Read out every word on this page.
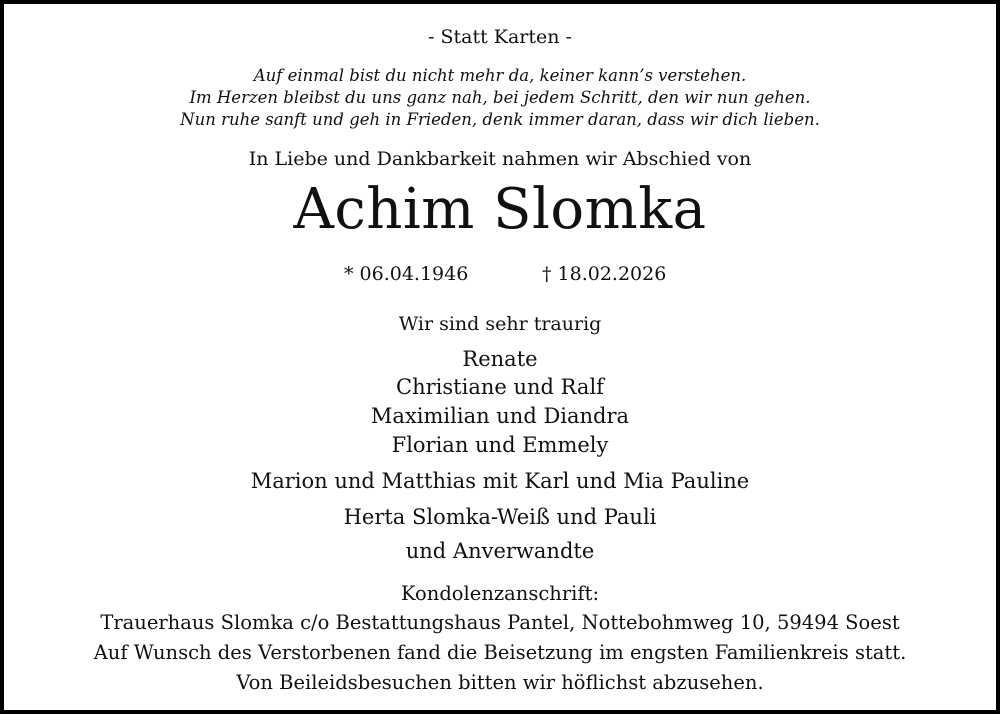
- Statt Karten -
Auf einmal bist du nicht mehr da, keiner kann’s verstehen.
Im Herzen bleibst du uns ganz nah, bei jedem Schritt, den wir nun gehen.
Nun ruhe sanft und geh in Frieden, denk immer daran, dass wir dich lieben.
In Liebe und Dankbarkeit nahmen wir Abschied von
Achim Slomka
* 06.04.1946	† 18.02.2026
Wir sind sehr traurig
Renate
Christiane und Ralf
Maximilian und Diandra
Florian und Emmely
Marion und Matthias mit Karl und Mia Pauline
Herta Slomka-Weiß und Pauli
und Anverwandte
Kondolenzanschrift:
Trauerhaus Slomka c/o Bestattungshaus Pantel, Nottebohmweg 10, 59494 Soest
Auf Wunsch des Verstorbenen fand die Beisetzung im engsten Familienkreis statt.
Von Beileidsbesuchen bitten wir höflichst abzusehen.
